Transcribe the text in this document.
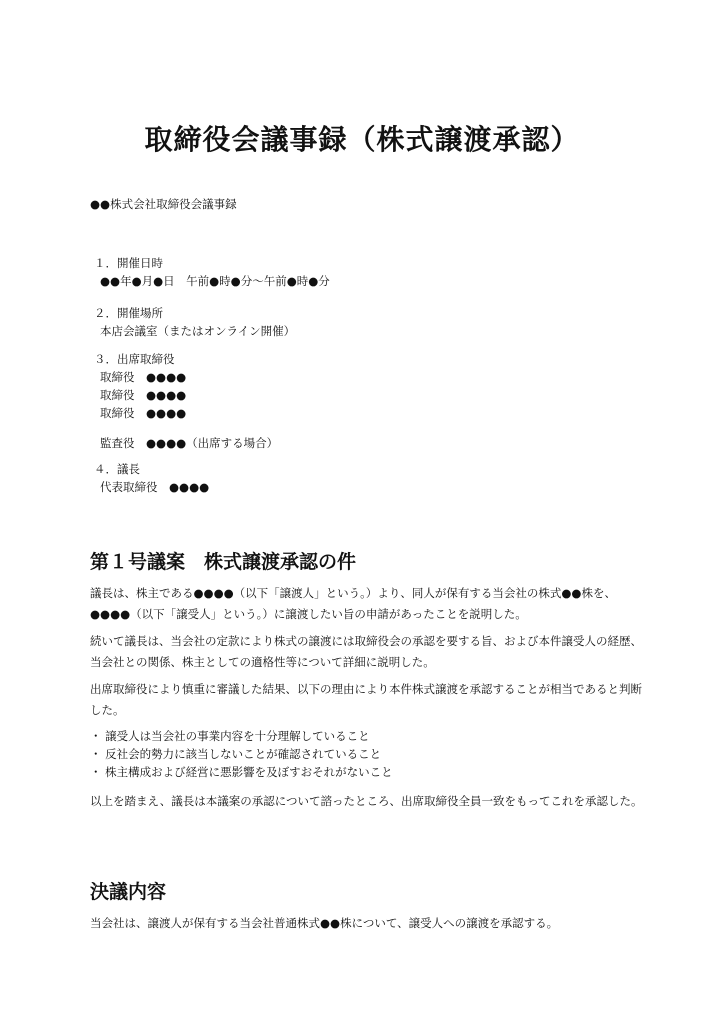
取締役会議事録（株式譲渡承認）
●●株式会社取締役会議事録
１．開催日時
●●年●月●日　午前●時●分～午前●時●分
２．開催場所
本店会議室（またはオンライン開催）
３．出席取締役
取締役　●●●●
取締役　●●●●
取締役　●●●●
監査役　●●●●（出席する場合）
４．議長
代表取締役　●●●●
第１号議案　株式譲渡承認の件
議長は、株主である●●●●（以下「譲渡人」という。）より、同人が保有する当会社の株式●●株を、●●●●（以下「譲受人」という。）に譲渡したい旨の申請があったことを説明した。
続いて議長は、当会社の定款により株式の譲渡には取締役会の承認を要する旨、および本件譲受人の経歴、当会社との関係、株主としての適格性等について詳細に説明した。
出席取締役により慎重に審議した結果、以下の理由により本件株式譲渡を承認することが相当であると判断した。
・ 譲受人は当会社の事業内容を十分理解していること
・ 反社会的勢力に該当しないことが確認されていること
・ 株主構成および経営に悪影響を及ぼすおそれがないこと
以上を踏まえ、議長は本議案の承認について諮ったところ、出席取締役全員一致をもってこれを承認した。
決議内容
当会社は、譲渡人が保有する当会社普通株式●●株について、譲受人への譲渡を承認する。
